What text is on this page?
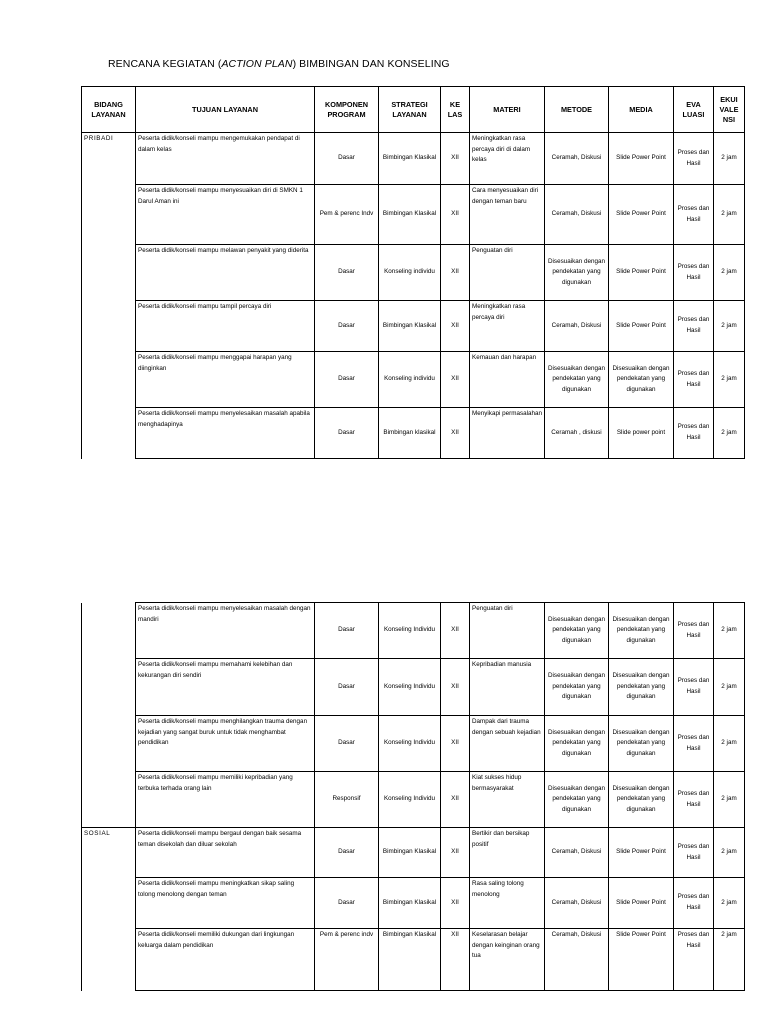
RENCANA KEGIATAN (ACTION PLAN) BIMBINGAN DAN KONSELING
BIDANG LAYANAN	TUJUAN LAYANAN	KOMPONEN PROGRAM	STRATEGI LAYANAN	KE LAS	MATERI	METODE	MEDIA	EVA LUASI	EKUI VALE NSI
PRIBADI	Peserta didik/konseli mampu mengemukakan pendapat di dalam kelas	Dasar	Bimbingan Klasikal	XII	Meningkatkan rasa percaya diri di dalam kelas	Ceramah, Diskusi	Slide Power Point	Proses dan Hasil	2 jam
	Peserta didik/konseli mampu menyesuaikan diri di SMKN 1 Darul Aman ini	Pem & perenc Indv	Bimbingan Klasikal	XII	Cara menyesuaikan diri dengan teman baru	Ceramah, Diskusi	Slide Power Point	Proses dan Hasil	2 jam
	Peserta didik/konseli mampu melawan penyakit yang diderita	Dasar	Konseling individu	XII	Penguatan diri	Disesuaikan dengan pendekatan yang digunakan	Slide Power Point	Proses dan Hasil	2 jam
	Peserta didik/konseli mampu tampil percaya diri	Dasar	Bimbingan Klasikal	XII	Meningkatkan rasa percaya diri	Ceramah, Diskusi	Slide Power Point	Proses dan Hasil	2 jam
	Peserta didik/konseli mampu menggapai harapan yang diinginkan	Dasar	Konseling individu	XII	Kemauan dan harapan	Disesuaikan dengan pendekatan yang digunakan	Disesuaikan dengan pendekatan yang digunakan	Proses dan Hasil	2 jam
	Peserta didik/konseli mampu menyelesaikan masalah apabila menghadapinya	Dasar	Bimbingan klasikal	XII	Menyikapi permasalahan	Ceramah , diskusi	Slide power point	Proses dan Hasil	2 jam
	Peserta didik/konseli mampu menyelesaikan masalah dengan mandiri	Dasar	Konseling Individu	XII	Penguatan diri	Disesuaikan dengan pendekatan yang digunakan	Disesuaikan dengan pendekatan yang digunakan	Proses dan Hasil	2 jam
	Peserta didik/konseli mampu memahami kelebihan dan kekurangan diri sendiri	Dasar	Konseling Individu	XII	Kepribadian manusia	Disesuaikan dengan pendekatan yang digunakan	Disesuaikan dengan pendekatan yang digunakan	Proses dan Hasil	2 jam
	Peserta didik/konseli mampu menghilangkan trauma dengan kejadian yang sangat buruk untuk tidak menghambat pendidikan	Dasar	Konseling Individu	XII	Dampak dari trauma dengan sebuah kejadian	Disesuaikan dengan pendekatan yang digunakan	Disesuaikan dengan pendekatan yang digunakan	Proses dan Hasil	2 jam
	Peserta didik/konseli mampu memiliki kepribadian yang terbuka terhada orang lain	Responsif	Konseling Individu	XII	Kiat sukses hidup bermasyarakat	Disesuaikan dengan pendekatan yang digunakan	Disesuaikan dengan pendekatan yang digunakan	Proses dan Hasil	2 jam
SOSIAL	Peserta didik/konseli mampu bergaul dengan baik sesama teman disekolah dan diluar sekolah	Dasar	Bimbingan Klasikal	XII	Bertikir dan bersikap positif	Ceramah, Diskusi	Slide Power Point	Proses dan Hasil	2 jam
	Peserta didik/konseli mampu meningkatkan sikap saling tolong menolong dengan teman	Dasar	Bimbingan Klasikal	XII	Rasa saling tolong menolong	Ceramah, Diskusi	Slide Power Point	Proses dan Hasil	2 jam
	Peserta didik/konseli memiliki dukungan dari lingkungan keluarga dalam pendidikan	Pem & perenc indv	Bimbingan Klasikal	XII	Keselarasan belajar dengan keinginan orang tua	Ceramah, Diskusi	Slide Power Point	Proses dan Hasil	2 jam
